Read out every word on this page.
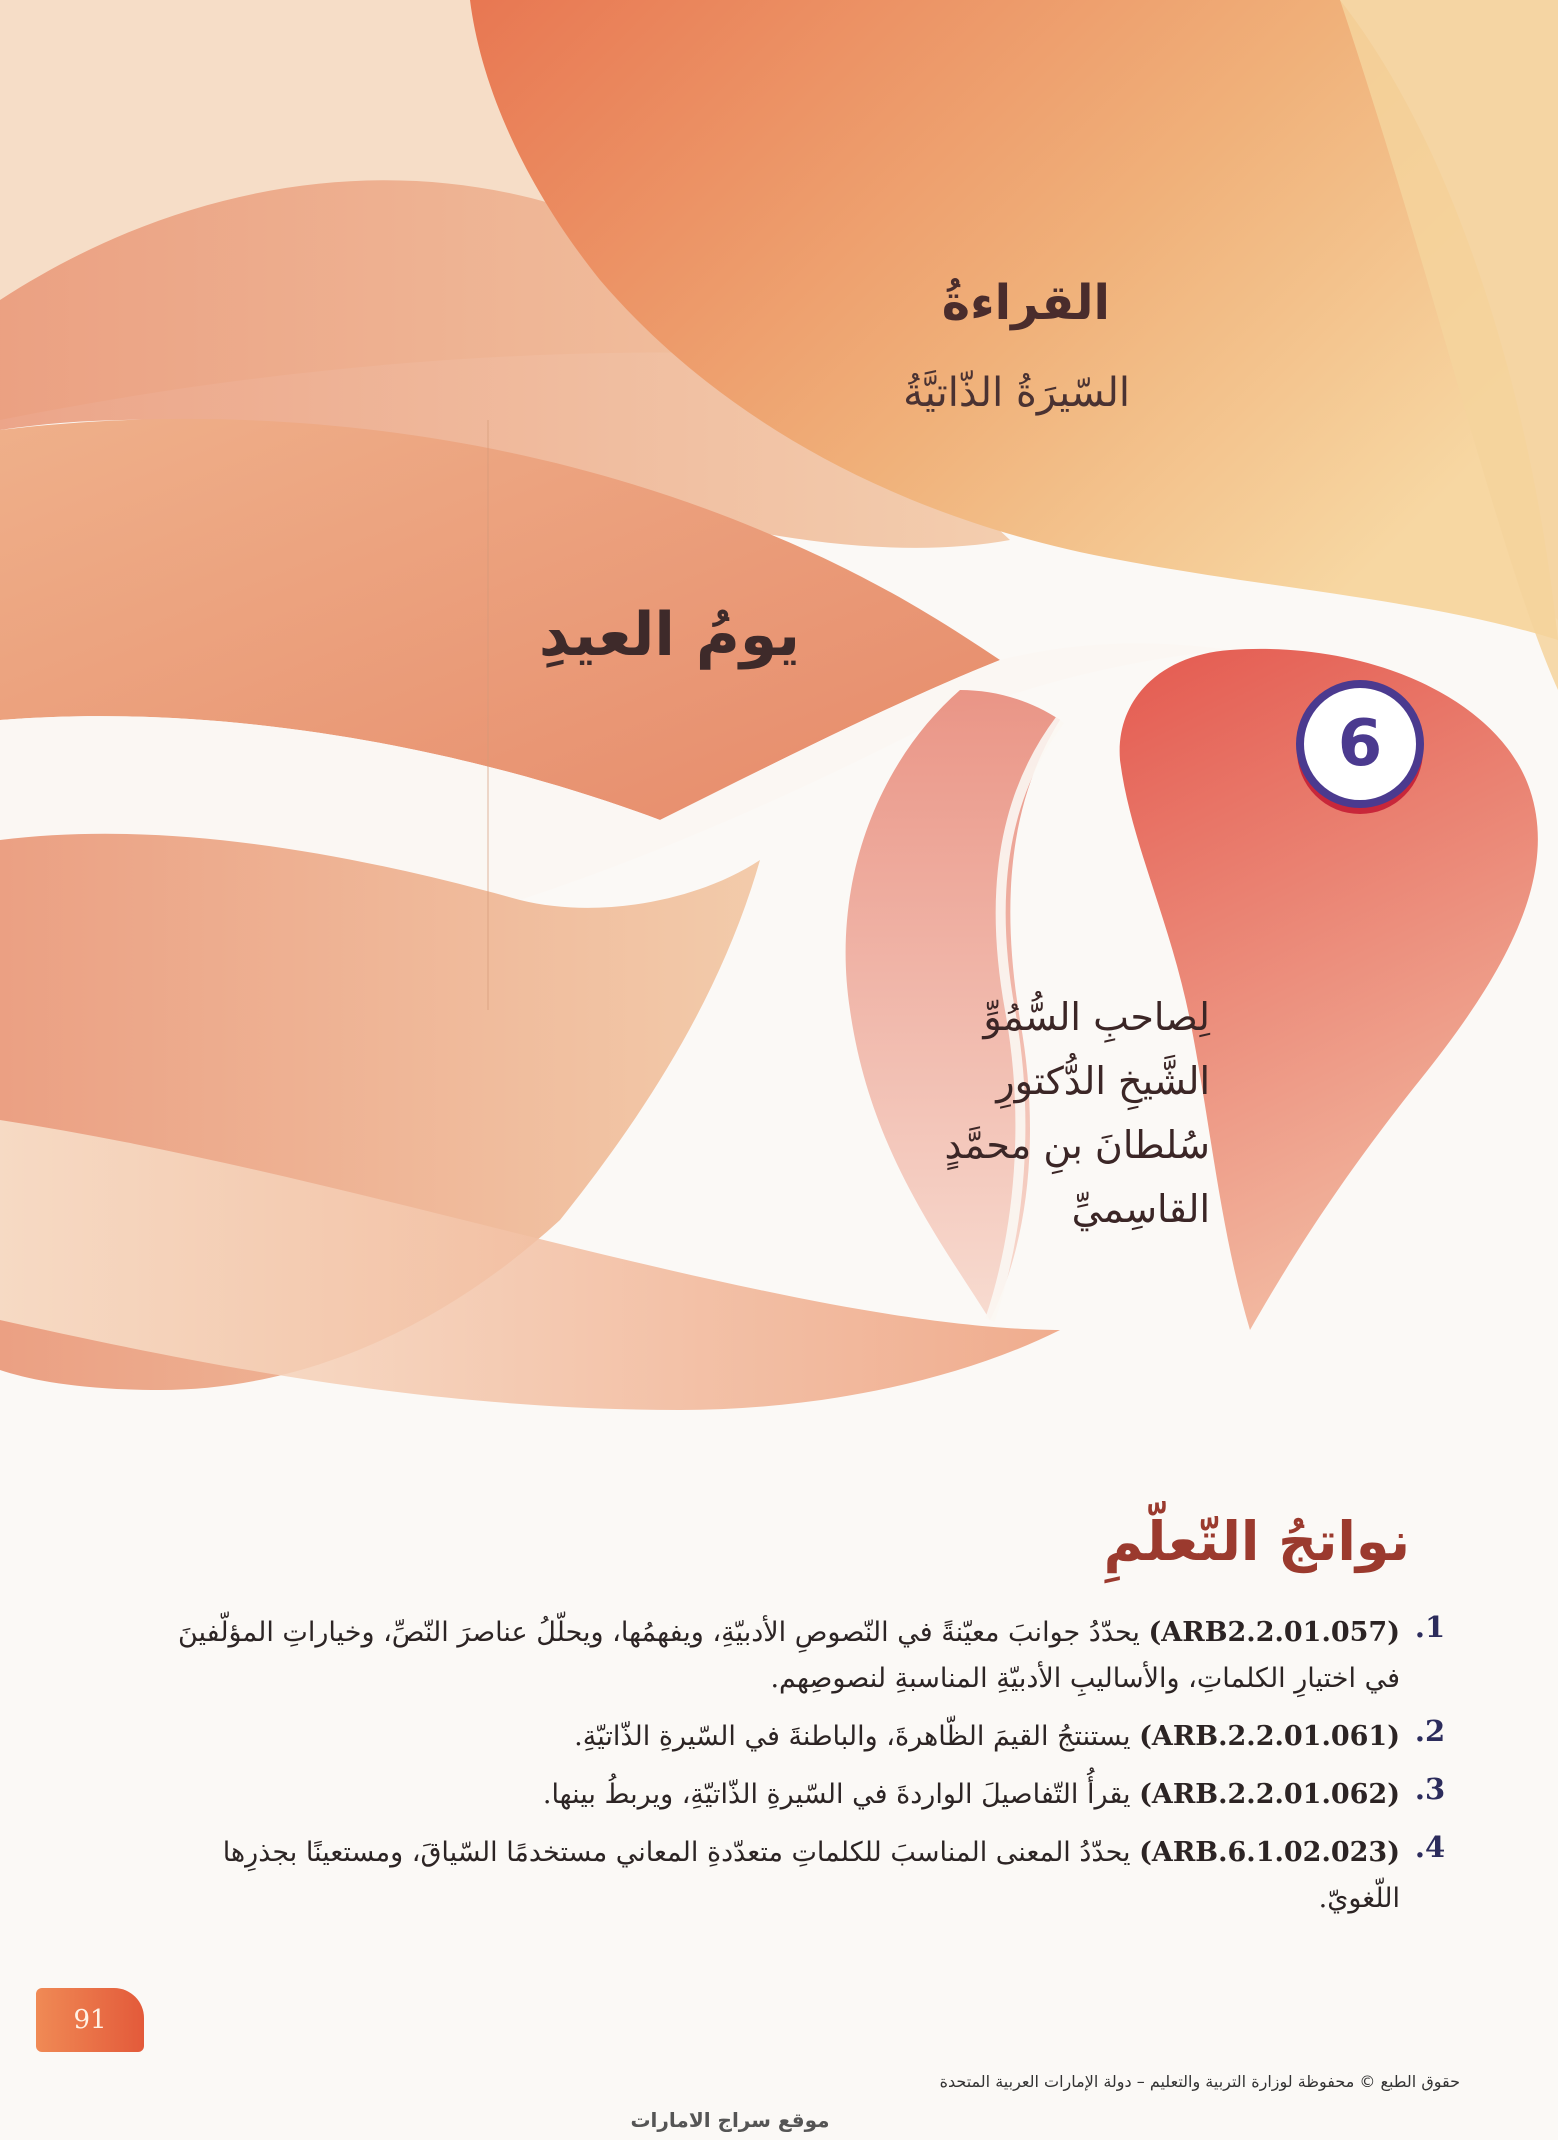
القراءةُ
السّيرَةُ الذّاتيَّةُ
يومُ العيدِ
6
لِصاحبِ السُّمُوِّ
الشَّيخِ الدُّكتورِ
سُلطانَ بنِ محمَّدٍ
القاسِميِّ
نواتجُ التّعلّمِ
1.
(ARB2.2.01.057) يحدّدُ جوانبَ معيّنةً في النّصوصِ الأدبيّةِ، ويفهمُها، ويحلّلُ عناصرَ النّصِّ، وخياراتِ المؤلّفينَ في اختيارِ الكلماتِ، والأساليبِ الأدبيّةِ المناسبةِ لنصوصِهم.
2.
(ARB.2.2.01.061) يستنتجُ القيمَ الظّاهرةَ، والباطنةَ في السّيرةِ الذّاتيّةِ.
3.
(ARB.2.2.01.062) يقرأُ التّفاصيلَ الواردةَ في السّيرةِ الذّاتيّةِ، ويربطُ بينها.
4.
(ARB.6.1.02.023) يحدّدُ المعنى المناسبَ للكلماتِ متعدّدةِ المعاني مستخدمًا السّياقَ، ومستعينًا بجذرِها اللّغويّ.
91
حقوق الطبع © محفوظة لوزارة التربية والتعليم – دولة الإمارات العربية المتحدة
موقع سراج الامارات
